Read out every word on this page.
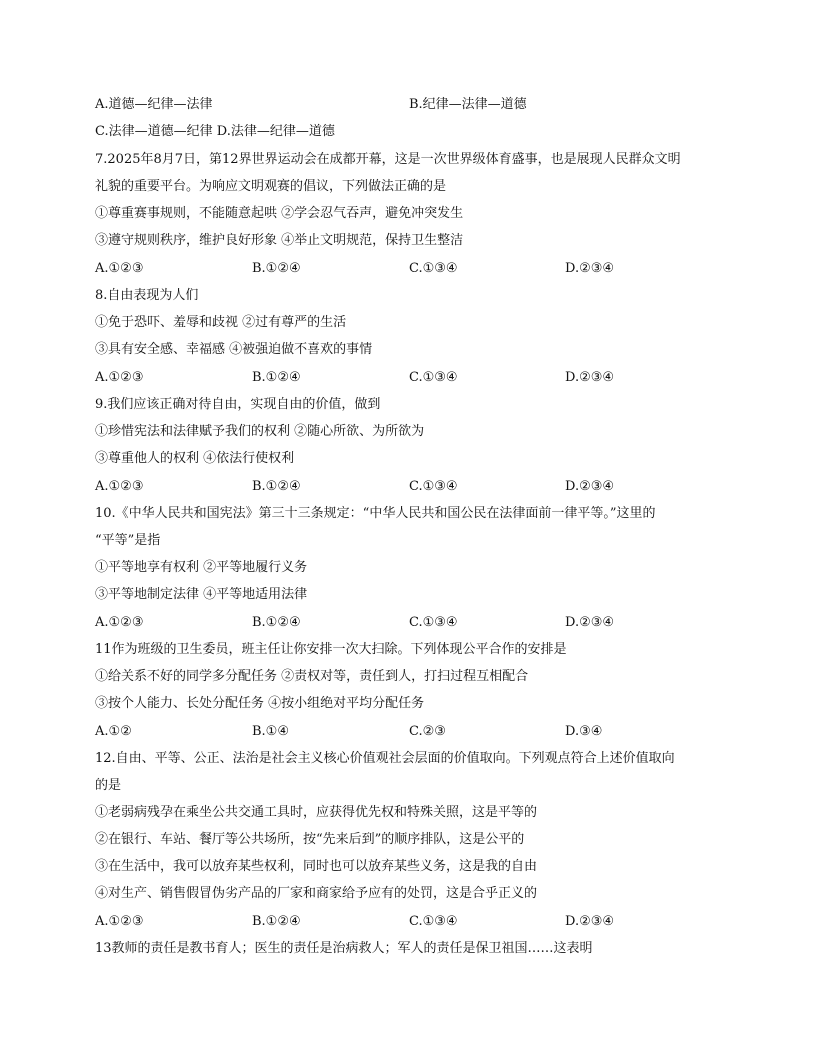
A.道德—纪律—法律	B.纪律—法律—道德
C.法律—道德—纪律 D.法律—纪律—道德
7.2025年8月7日，第12界世界运动会在成都开幕，这是一次世界级体育盛事，也是展现人民群众文明
礼貌的重要平台。为响应文明观赛的倡议，下列做法正确的是
①尊重赛事规则，不能随意起哄 ②学会忍气吞声，避免冲突发生
③遵守规则秩序，维护良好形象 ④举止文明规范，保持卫生整洁
A.①②③	B.①②④	C.①③④	D.②③④
8.自由表现为人们
①免于恐吓、羞辱和歧视 ②过有尊严的生活
③具有安全感、幸福感 ④被强迫做不喜欢的事情
A.①②③	B.①②④	C.①③④	D.②③④
9.我们应该正确对待自由，实现自由的价值，做到
①珍惜宪法和法律赋予我们的权利 ②随心所欲、为所欲为
③尊重他人的权利 ④依法行使权利
A.①②③	B.①②④	C.①③④	D.②③④
10.《中华人民共和国宪法》第三十三条规定：“中华人民共和国公民在法律面前一律平等。”这里的
“平等”是指
①平等地享有权利 ②平等地履行义务
③平等地制定法律 ④平等地适用法律
A.①②③	B.①②④	C.①③④	D.②③④
11作为班级的卫生委员，班主任让你安排一次大扫除。下列体现公平合作的安排是
①给关系不好的同学多分配任务 ②责权对等，责任到人，打扫过程互相配合
③按个人能力、长处分配任务 ④按小组绝对平均分配任务
A.①②	B.①④	C.②③	D.③④
12.自由、平等、公正、法治是社会主义核心价值观社会层面的价值取向。下列观点符合上述价值取向
的是
①老弱病残孕在乘坐公共交通工具时，应获得优先权和特殊关照，这是平等的
②在银行、车站、餐厅等公共场所，按“先来后到”的顺序排队，这是公平的
③在生活中，我可以放弃某些权利，同时也可以放弃某些义务，这是我的自由
④对生产、销售假冒伪劣产品的厂家和商家给予应有的处罚，这是合乎正义的
A.①②③	B.①②④	C.①③④	D.②③④
13教师的责任是教书育人；医生的责任是治病救人；军人的责任是保卫祖国……这表明
